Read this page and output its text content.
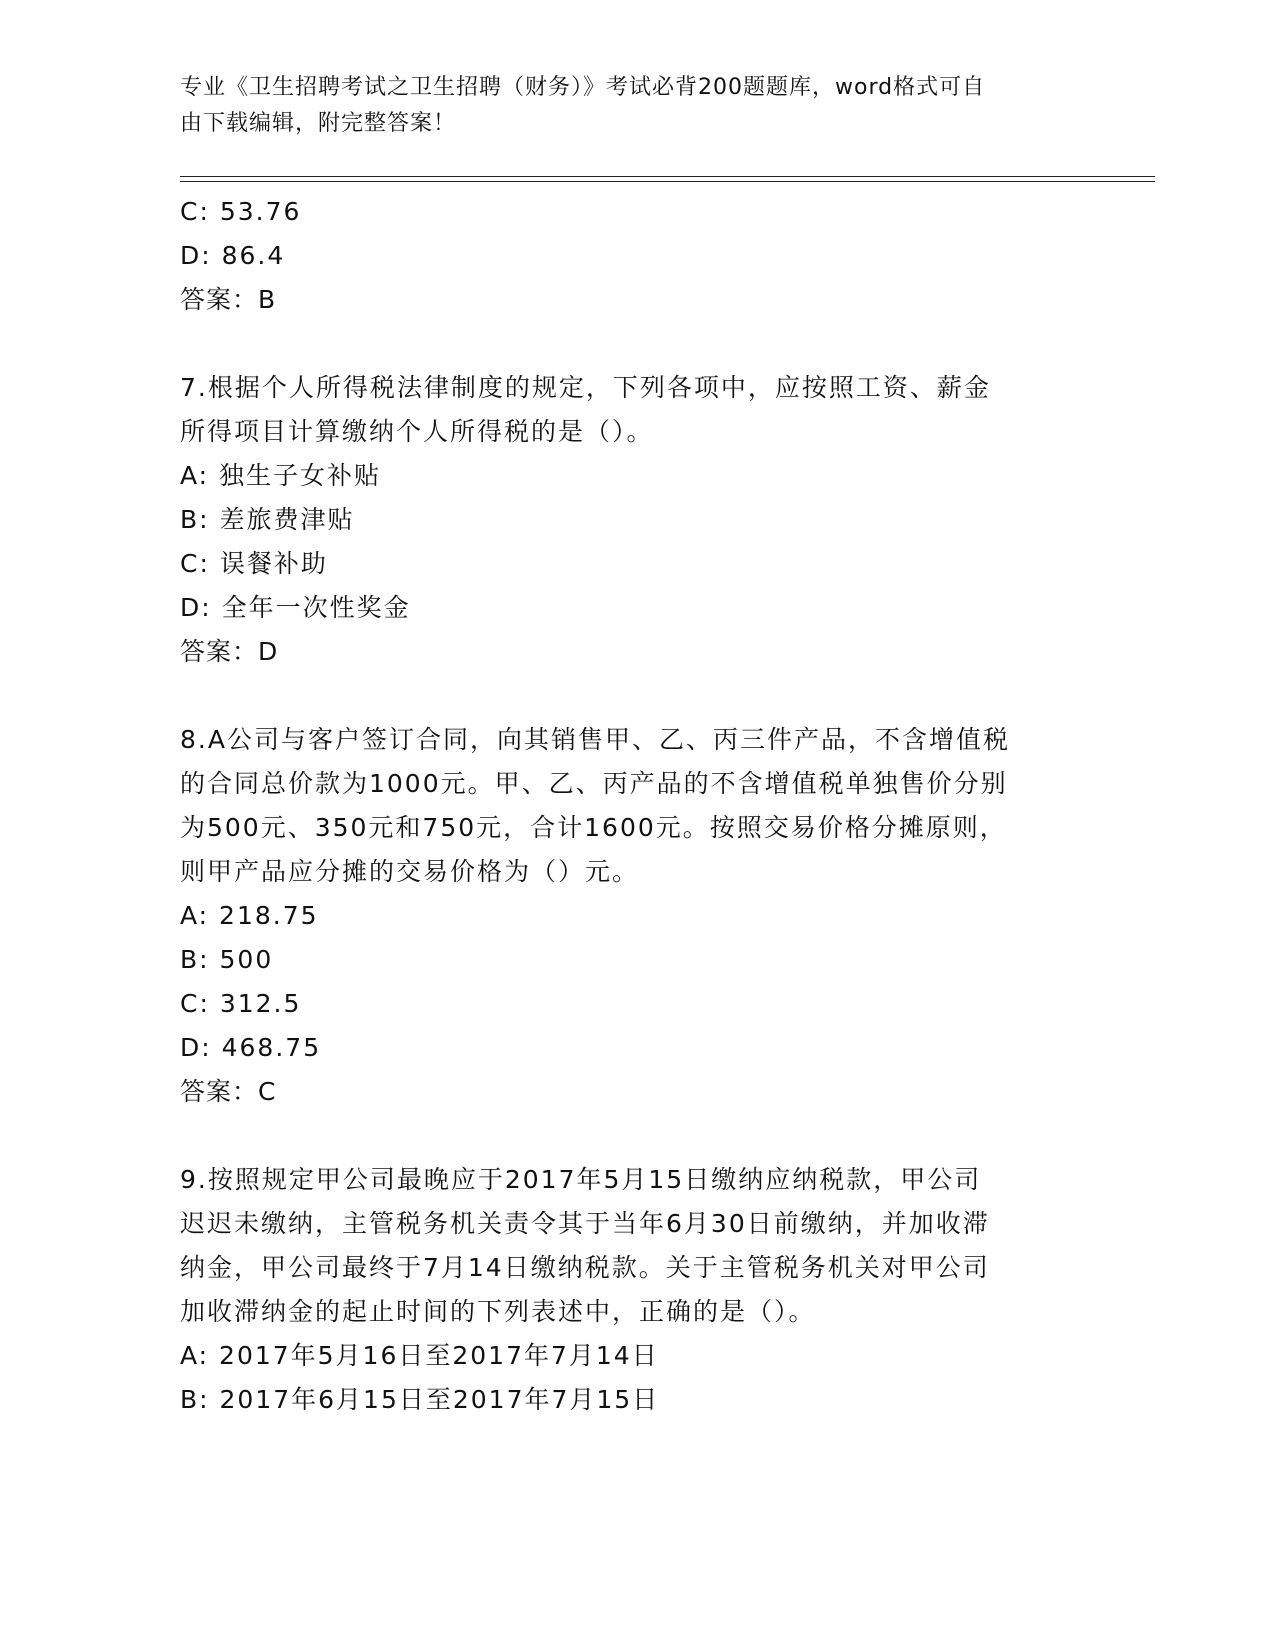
专业《卫生招聘考试之卫生招聘（财务）》考试必背200题题库，word格式可自
由下载编辑，附完整答案！
C: 53.76
D: 86.4
答案：B
7.根据个人所得税法律制度的规定，下列各项中，应按照工资、薪金
所得项目计算缴纳个人所得税的是（）。
A: 独生子女补贴
B: 差旅费津贴
C: 误餐补助
D: 全年一次性奖金
答案：D
8.A公司与客户签订合同，向其销售甲、乙、丙三件产品，不含增值税
的合同总价款为1000元。甲、乙、丙产品的不含增值税单独售价分别
为500元、350元和750元，合计1600元。按照交易价格分摊原则，
则甲产品应分摊的交易价格为（）元。
A: 218.75
B: 500
C: 312.5
D: 468.75
答案：C
9.按照规定甲公司最晚应于2017年5月15日缴纳应纳税款，甲公司
迟迟未缴纳，主管税务机关责令其于当年6月30日前缴纳，并加收滞
纳金，甲公司最终于7月14日缴纳税款。关于主管税务机关对甲公司
加收滞纳金的起止时间的下列表述中，正确的是（）。
A: 2017年5月16日至2017年7月14日
B: 2017年6月15日至2017年7月15日
